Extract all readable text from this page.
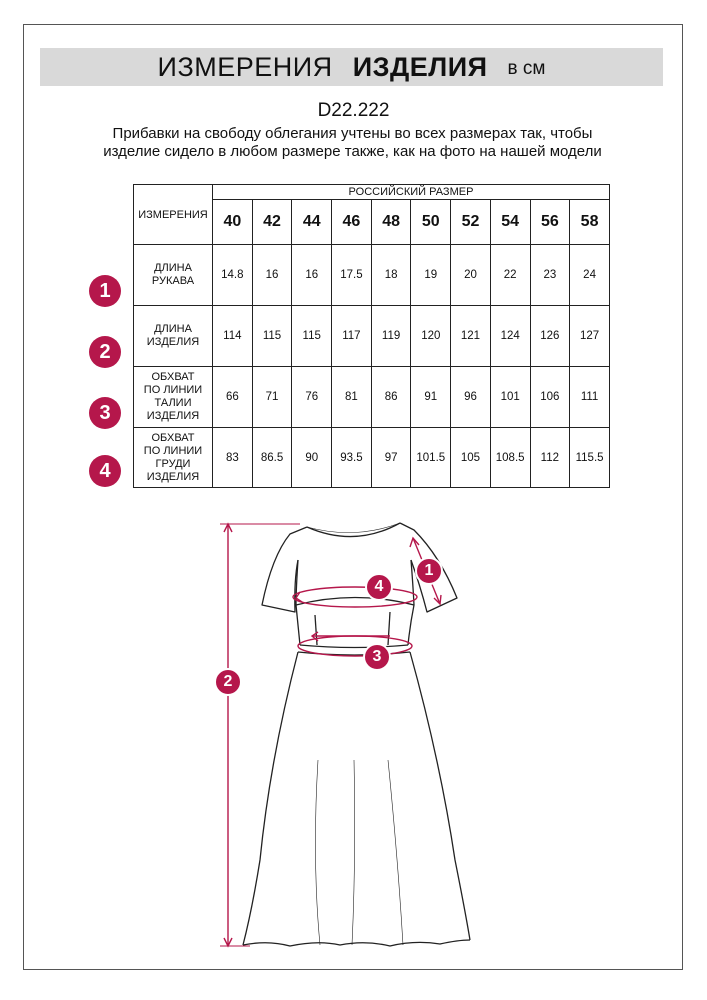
ИЗМЕРЕНИЯ ИЗДЕЛИЯ в см
D22.222
Прибавки на свободу облегания учтены во всех размерах так, чтобы изделие сидело в любом размере также, как на фото на нашей модели
ИЗМЕРЕНИЯ	РОССИЙСКИЙ РАЗМЕР									
	40	42	44	46	48	50	52	54	56	58
ДЛИНА РУКАВА	14.8	16	16	17.5	18	19	20	22	23	24
ДЛИНА ИЗДЕЛИЯ	114	115	115	117	119	120	121	124	126	127
ОБХВАТ ПО ЛИНИИ ТАЛИИ ИЗДЕЛИЯ	66	71	76	81	86	91	96	101	106	111
ОБХВАТ ПО ЛИНИИ ГРУДИ ИЗДЕЛИЯ	83	86.5	90	93.5	97	101.5	105	108.5	112	115.5
1
2
3
4
1
2
3
4
